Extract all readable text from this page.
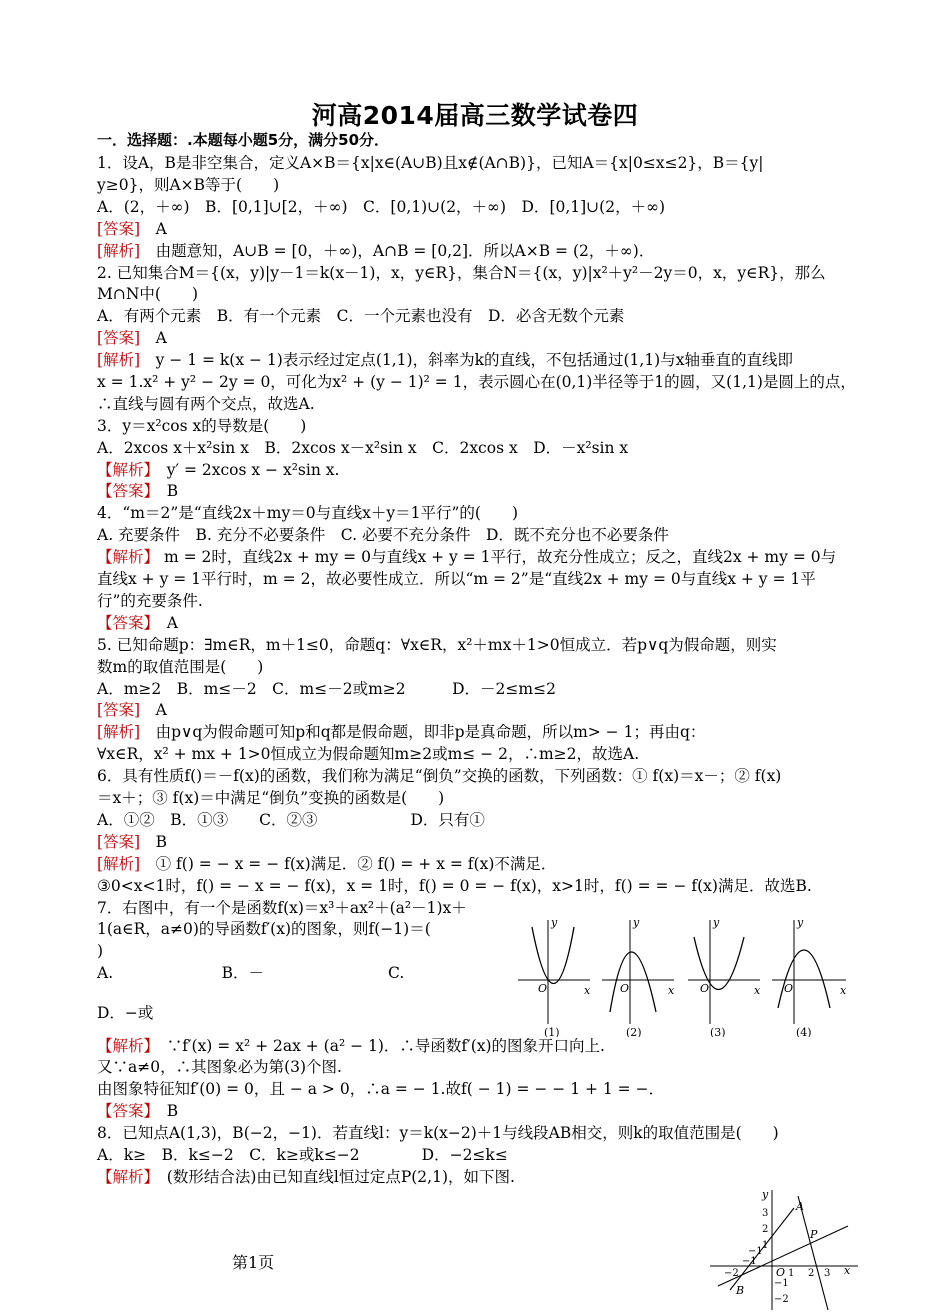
河高2014届高三数学试卷四
一．选择题：.本题每小题5分，满分50分．
1．设A，B是非空集合，定义A×B＝{x|x∈(A∪B)且x∉(A∩B)}，已知A＝{x|0≤x≤2}，B＝{y|
y≥0}，则A×B等于(　　)
A．(2，＋∞)　B．[0,1]∪[2，＋∞)　C．[0,1)∪(2，＋∞)　D．[0,1]∪(2，＋∞)
[答案]　A
[解析]　由题意知，A∪B = [0，＋∞)，A∩B = [0,2]．所以A×B = (2，＋∞)．
2. 已知集合M＝{(x，y)|y－1＝k(x－1)，x，y∈R}，集合N＝{(x，y)|x²＋y²－2y＝0，x，y∈R}，那么
M∩N中(　　)
A．有两个元素　B．有一个元素　C．一个元素也没有　D．必含无数个元素
[答案]　A
[解析]　y − 1 = k(x − 1)表示经过定点(1,1)，斜率为k的直线，不包括通过(1,1)与x轴垂直的直线即
x = 1.x² + y² − 2y = 0，可化为x² + (y − 1)² = 1，表示圆心在(0,1)半径等于1的圆，又(1,1)是圆上的点，
∴直线与圆有两个交点，故选A.
3．y＝x²cos x的导数是(　　)
A．2xcos x＋x²sin x　B．2xcos x－x²sin x　C．2xcos x　D．－x²sin x
【解析】　y′ = 2xcos x − x²sin x.
【答案】　B
4．“m＝2”是“直线2x＋my＝0与直线x＋y＝1平行”的(　　)
A. 充要条件　B. 充分不必要条件　C. 必要不充分条件　D．既不充分也不必要条件
【解析】 m = 2时，直线2x + my = 0与直线x + y = 1平行，故充分性成立；反之，直线2x + my = 0与
直线x + y = 1平行时，m = 2，故必要性成立．所以“m = 2”是“直线2x + my = 0与直线x + y = 1平
行”的充要条件.
【答案】　A
5. 已知命题p：∃m∈R，m＋1≤0，命题q：∀x∈R，x²＋mx＋1>0恒成立．若p∨q为假命题，则实
数m的取值范围是(　　)
A．m≥2　B．m≤－2　C．m≤－2或m≥2　　　D．－2≤m≤2
[答案]　A
[解析]　由p∨q为假命题可知p和q都是假命题，即非p是真命题，所以m> − 1；再由q：
∀x∈R，x² + mx + 1>0恒成立为假命题知m≥2或m≤ − 2，∴m≥2，故选A.
6．具有性质f()＝－f(x)的函数，我们称为满足“倒负”交换的函数，下列函数：① f(x)＝x－；② f(x)
＝x＋；③ f(x)＝中满足“倒负”变换的函数是(　　)
A．①②　B．①③　　C．②③　　　　　　D．只有①
[答案]　B
[解析]　① f() = − x = − f(x)满足．② f() = + x = f(x)不满足．
③0<x<1时，f() = − x = − f(x)，x = 1时，f() = 0 = − f(x)，x>1时，f() = = − f(x)满足．故选B.
7．右图中，有一个是函数f(x)＝x³＋ax²＋(a²－1)x＋
1(a∈R，a≠0)的导函数f′(x)的图象，则f(−1)＝(
)
A.　　　　　　　B．－　　　　　　　　C.
D．−或
【解析】　∵f′(x) = x² + 2ax + (a² − 1)．∴导函数f′(x)的图象开口向上.
又∵a≠0，∴其图象必为第(3)个图.
由图象特征知f′(0) = 0，且 − a > 0，∴a = − 1.故f( − 1) = − − 1 + 1 = −．
【答案】　B
8．已知点A(1,3)，B(−2，−1)．若直线l：y＝k(x−2)＋1与线段AB相交，则k的取值范围是(　　)
A．k≥　B．k≤−2　C．k≥或k≤−2　　　　D．−2≤k≤
【解析】　(数形结合法)由已知直线l恒过定点P(2,1)，如下图.
x
y
O
(1)
x
y
O
(2)
x
y
O
(3)
x
y
O
(4)
x
y
O
A
B
P
3
2
1
−1
−2
−1
−2	1 2 3
−1
第1页
